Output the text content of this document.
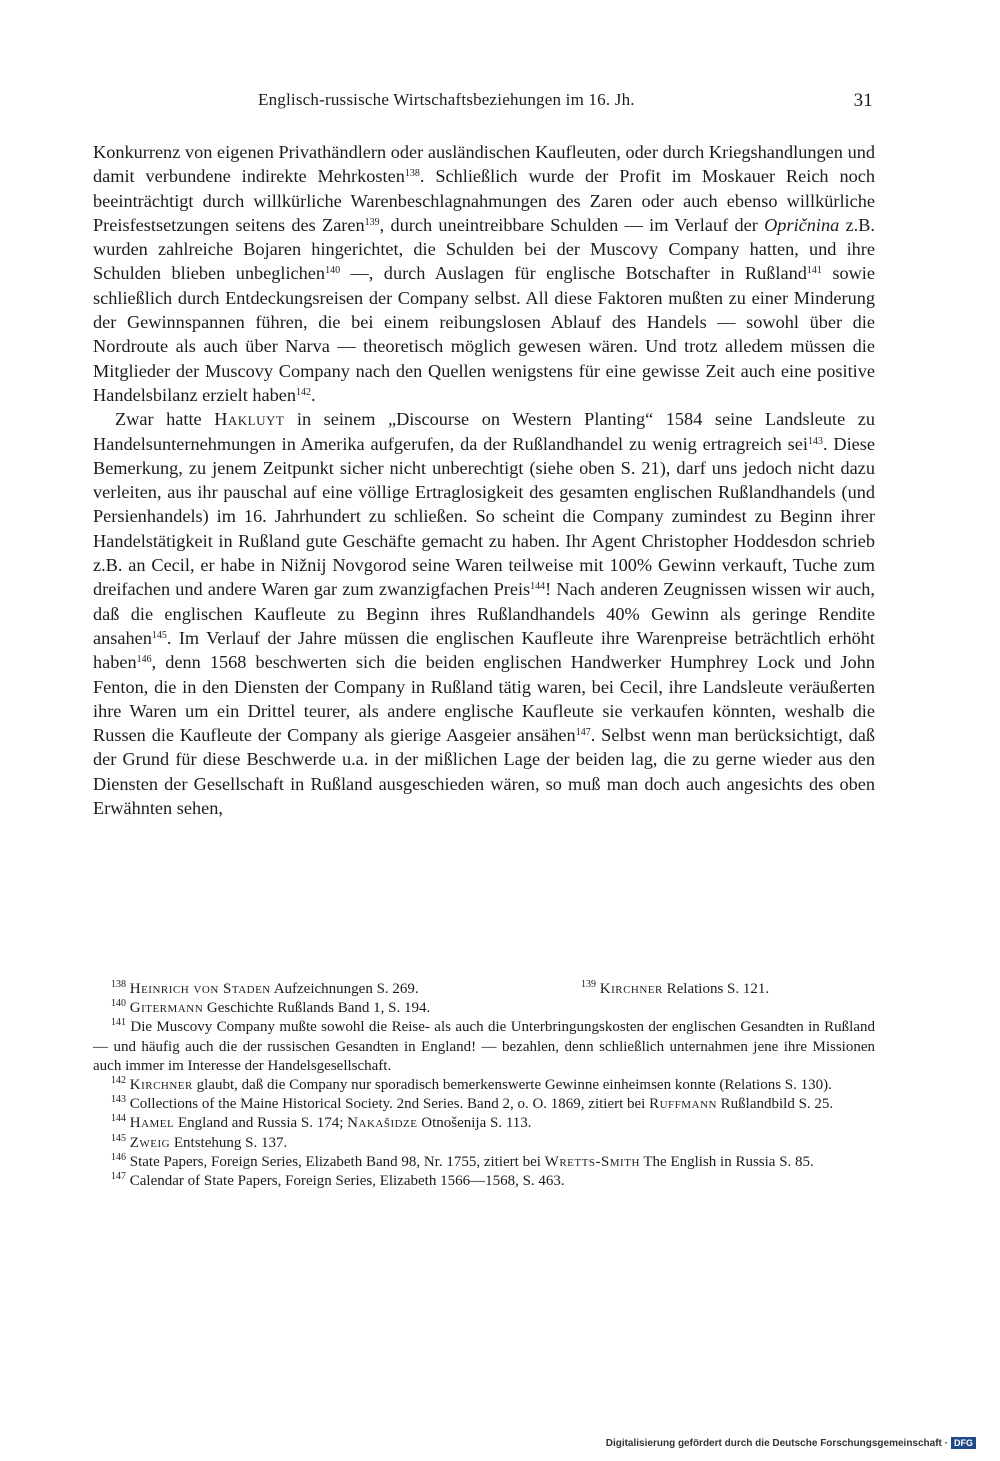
Englisch-russische Wirtschaftsbeziehungen im 16. Jh.	31

Konkurrenz von eigenen Privathändlern oder ausländischen Kaufleuten, oder durch Kriegshandlungen und damit verbundene indirekte Mehrkosten$^{138}$. Schließlich wurde der Profit im Moskauer Reich noch beeinträchtigt durch willkürliche Warenbeschlagnahmungen des Zaren oder auch ebenso willkürliche Preisfestsetzungen seitens des Zaren$^{139}$, durch uneintreibbare Schulden — im Verlauf der Opričnina z.B. wurden zahlreiche Bojaren hingerichtet, die Schulden bei der Muscovy Company hatten, und ihre Schulden blieben unbeglichen$^{140}$ —, durch Auslagen für englische Botschafter in Rußland$^{141}$ sowie schließlich durch Entdeckungsreisen der Company selbst. All diese Faktoren mußten zu einer Minderung der Gewinnspannen führen, die bei einem reibungslosen Ablauf des Handels — sowohl über die Nordroute als auch über Narva — theoretisch möglich gewesen wären. Und trotz alledem müssen die Mitglieder der Muscovy Company nach den Quellen wenigstens für eine gewisse Zeit auch eine positive Handelsbilanz erzielt haben$^{142}$.

Zwar hatte Hakluyt in seinem „Discourse on Western Planting“ 1584 seine Landsleute zu Handelsunternehmungen in Amerika aufgerufen, da der Rußlandhandel zu wenig ertragreich sei$^{143}$. Diese Bemerkung, zu jenem Zeitpunkt sicher nicht unberechtigt (siehe oben S. 21), darf uns jedoch nicht dazu verleiten, aus ihr pauschal auf eine völlige Ertraglosigkeit des gesamten englischen Rußlandhandels (und Persienhandels) im 16. Jahrhundert zu schließen. So scheint die Company zumindest zu Beginn ihrer Handelstätigkeit in Rußland gute Geschäfte gemacht zu haben. Ihr Agent Christopher Hoddesdon schrieb z.B. an Cecil, er habe in Nižnij Novgorod seine Waren teilweise mit 100% Gewinn verkauft, Tuche zum dreifachen und andere Waren gar zum zwanzigfachen Preis$^{144}$! Nach anderen Zeugnissen wissen wir auch, daß die englischen Kaufleute zu Beginn ihres Rußlandhandels 40% Gewinn als geringe Rendite ansahen$^{145}$. Im Verlauf der Jahre müssen die englischen Kaufleute ihre Warenpreise beträchtlich erhöht haben$^{146}$, denn 1568 beschwerten sich die beiden englischen Handwerker Humphrey Lock und John Fenton, die in den Diensten der Company in Rußland tätig waren, bei Cecil, ihre Landsleute veräußerten ihre Waren um ein Drittel teurer, als andere englische Kaufleute sie verkaufen könnten, weshalb die Russen die Kaufleute der Company als gierige Aasgeier ansähen$^{147}$. Selbst wenn man berücksichtigt, daß der Grund für diese Beschwerde u.a. in der mißlichen Lage der beiden lag, die zu gerne wieder aus den Diensten der Gesellschaft in Rußland ausgeschieden wären, so muß man doch auch angesichts des oben Erwähnten sehen,

$^{138}$ Heinrich von Staden Aufzeichnungen S. 269.	$^{139}$ Kirchner Relations S. 121.

$^{140}$ Gitermann Geschichte Rußlands Band 1, S. 194.

$^{141}$ Die Muscovy Company mußte sowohl die Reise- als auch die Unterbringungskosten der englischen Gesandten in Rußland — und häufig auch die der russischen Gesandten in England! — bezahlen, denn schließlich unternahmen jene ihre Missionen auch immer im Interesse der Handelsgesellschaft.

$^{142}$ Kirchner glaubt, daß die Company nur sporadisch bemerkenswerte Gewinne einheimsen konnte (Relations S. 130).

$^{143}$ Collections of the Maine Historical Society. 2nd Series. Band 2, o. O. 1869, zitiert bei Ruffmann Rußlandbild S. 25.

$^{144}$ Hamel England and Russia S. 174; Nakašidze Otnošenija S. 113.

$^{145}$ Zweig Entstehung S. 137.

$^{146}$ State Papers, Foreign Series, Elizabeth Band 98, Nr. 1755, zitiert bei Wretts-Smith The English in Russia S. 85.

$^{147}$ Calendar of State Papers, Foreign Series, Elizabeth 1566—1568, S. 463.

Digitalisierung gefördert durch die Deutsche Forschungsgemeinschaft · DFG
